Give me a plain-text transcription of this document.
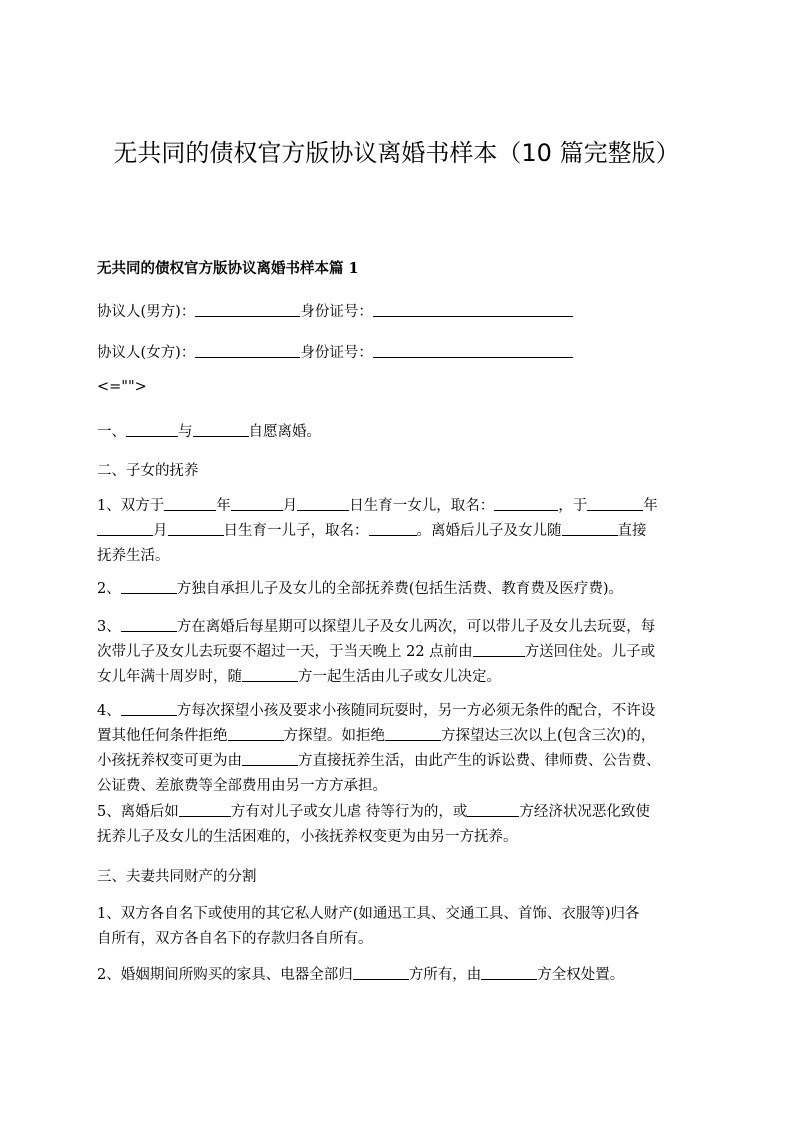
无共同的债权官方版协议离婚书样本（10 篇完整版）
无共同的债权官方版协议离婚书样本篇 1
协议人(男方)：	身份证号：
协议人(女方)：	身份证号：
<="">
一、	与	自愿离婚。
二、子女的抚养
1、双方于	年	月	日生育一女儿，取名：	，于	年
月	日生育一儿子，取名：	。离婚后儿子及女儿随	直接
抚养生活。
2、	方独自承担儿子及女儿的全部抚养费(包括生活费、教育费及医疗费)。
3、	方在离婚后每星期可以探望儿子及女儿两次，可以带儿子及女儿去玩耍，每
次带儿子及女儿去玩耍不超过一天，于当天晚上 22 点前由	方送回住处。儿子或
女儿年满十周岁时，随	方一起生活由儿子或女儿决定。
4、	方每次探望小孩及要求小孩随同玩耍时，另一方必须无条件的配合，不许设
置其他任何条件拒绝	方探望。如拒绝	方探望达三次以上(包含三次)的，
小孩抚养权变可更为由	方直接抚养生活，由此产生的诉讼费、律师费、公告费、
公证费、差旅费等全部费用由另一方方承担。
5、离婚后如	方有对儿子或女儿虐 待等行为的，或	方经济状况恶化致使
抚养儿子及女儿的生活困难的，小孩抚养权变更为由另一方抚养。
三、夫妻共同财产的分割
1、双方各自名下或使用的其它私人财产(如通迅工具、交通工具、首饰、衣服等)归各
自所有，双方各自名下的存款归各自所有。
2、婚姻期间所购买的家具、电器全部归	方所有，由	方全权处置。
